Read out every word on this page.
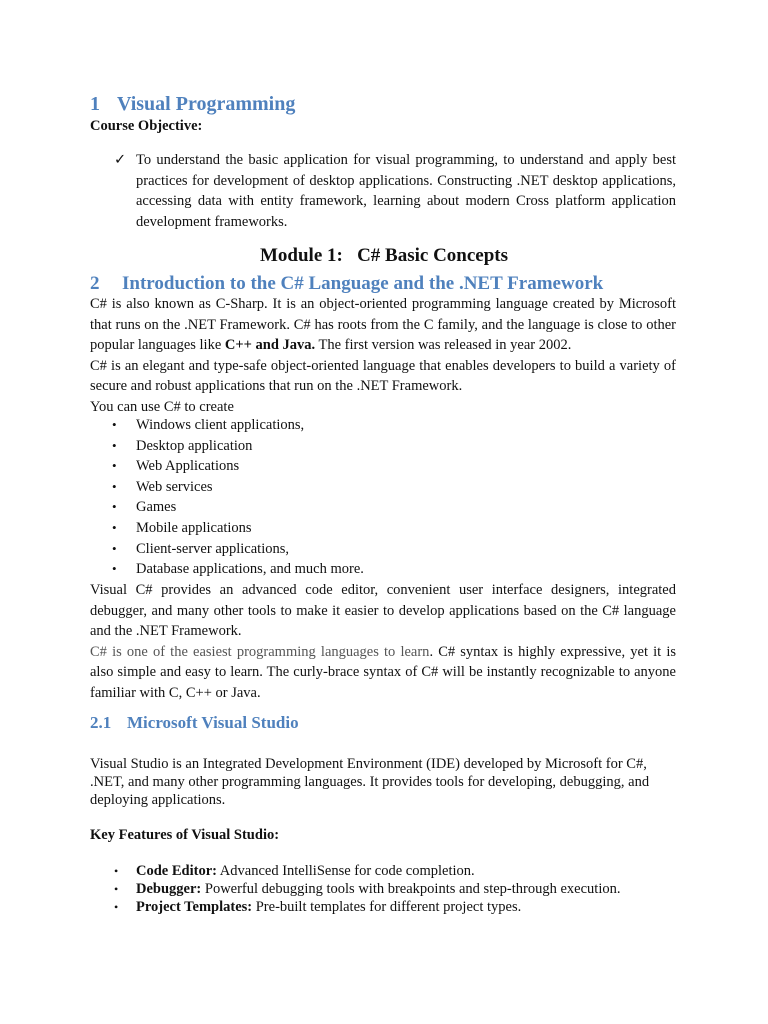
1 Visual Programming
Course Objective:
✓ To understand the basic application for visual programming, to understand and apply best practices for development of desktop applications. Constructing .NET desktop applications, accessing data with entity framework, learning about modern Cross platform application development frameworks.
Module 1: C# Basic Concepts
2 Introduction to the C# Language and the .NET Framework

C# is also known as C-Sharp. It is an object-oriented programming language created by Microsoft that runs on the .NET Framework. C# has roots from the C family, and the language is close to other popular languages like C++ and Java. The first version was released in year 2002.

C# is an elegant and type-safe object-oriented language that enables developers to build a variety of secure and robust applications that run on the .NET Framework.

You can use C# to create

• Windows client applications,
• Desktop application
• Web Applications
• Web services
• Games
• Mobile applications
• Client-server applications,
• Database applications, and much more.

Visual C# provides an advanced code editor, convenient user interface designers, integrated debugger, and many other tools to make it easier to develop applications based on the C# language and the .NET Framework.

C# is one of the easiest programming languages to learn. C# syntax is highly expressive, yet it is also simple and easy to learn. The curly-brace syntax of C# will be instantly recognizable to anyone familiar with C, C++ or Java.

2.1 Microsoft Visual Studio
Visual Studio is an Integrated Development Environment (IDE) developed by Microsoft for C#, .NET, and many other programming languages. It provides tools for developing, debugging, and deploying applications.
Key Features of Visual Studio:
• Code Editor: Advanced IntelliSense for code completion.
• Debugger: Powerful debugging tools with breakpoints and step-through execution.
• Project Templates: Pre-built templates for different project types.
